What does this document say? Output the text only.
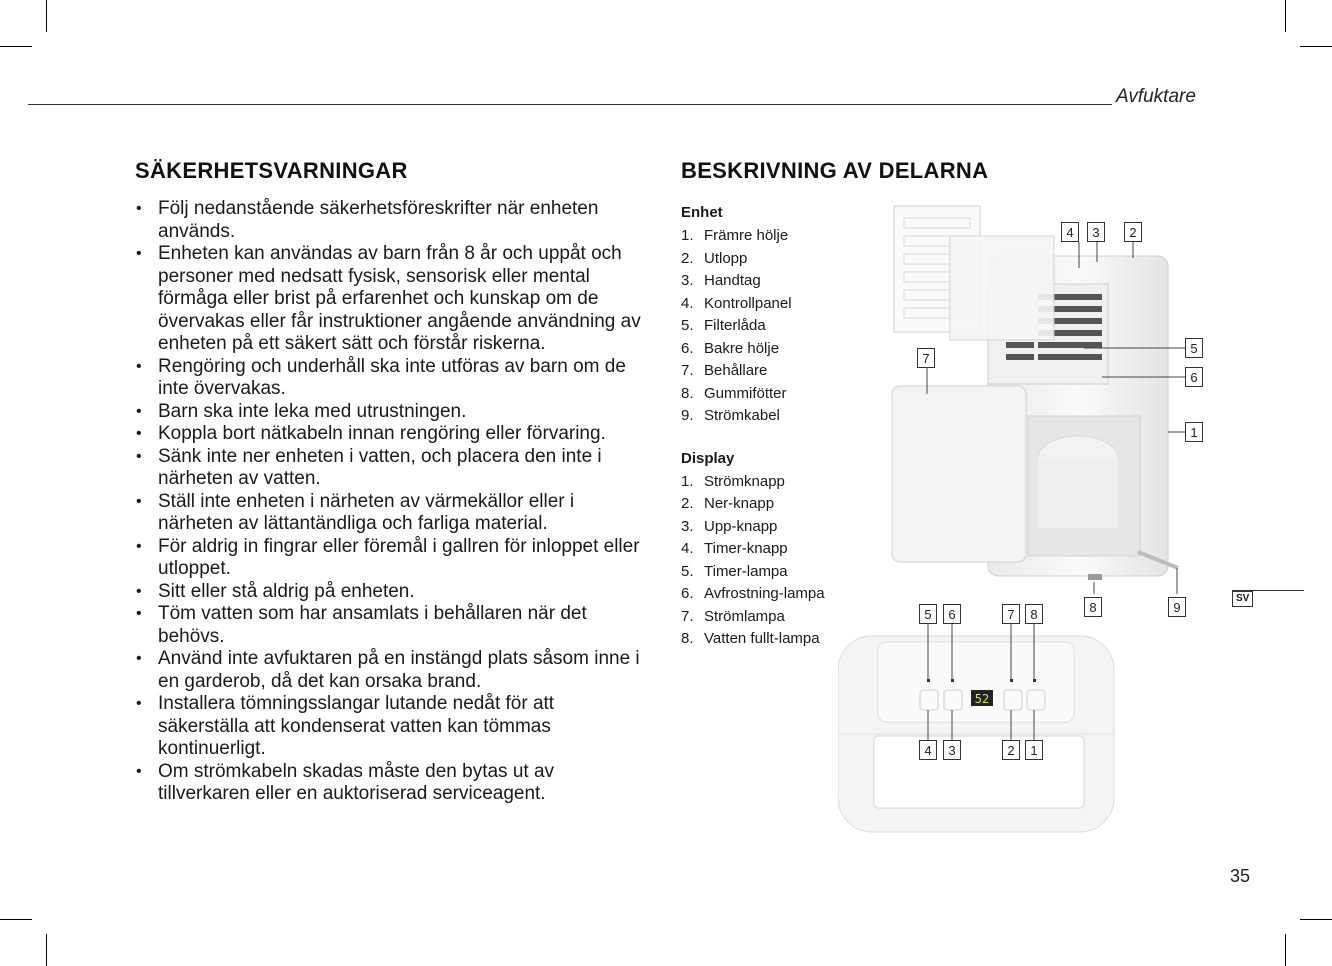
Avfuktare
SÄKERHETSVARNINGAR
• Följ nedanstående säkerhetsföreskrifter när enheten används.
• Enheten kan användas av barn från 8 år och uppåt och personer med nedsatt fysisk, sensorisk eller mental förmåga eller brist på erfarenhet och kunskap om de övervakas eller får instruktioner angående användning av enheten på ett säkert sätt och förstår riskerna.
• Rengöring och underhåll ska inte utföras av barn om de inte övervakas.
• Barn ska inte leka med utrustningen.
• Koppla bort nätkabeln innan rengöring eller förvaring.
• Sänk inte ner enheten i vatten, och placera den inte i närheten av vatten.
• Ställ inte enheten i närheten av värmekällor eller i närheten av lättantändliga och farliga material.
• För aldrig in fingrar eller föremål i gallren för inloppet eller utloppet.
• Sitt eller stå aldrig på enheten.
• Töm vatten som har ansamlats i behållaren när det behövs.
• Använd inte avfuktaren på en instängd plats såsom inne i en garderob, då det kan orsaka brand.
• Installera tömningsslangar lutande nedåt för att säkerställa att kondenserat vatten kan tömmas kontinuerligt.
• Om strömkabeln skadas måste den bytas ut av tillverkaren eller en auktoriserad serviceagent.
BESKRIVNING AV DELARNA
Enhet
1. Främre hölje
2. Utlopp
3. Handtag
4. Kontrollpanel
5. Filterlåda
6. Bakre hölje
7. Behållare
8. Gummifötter
9. Strömkabel
Display
1. Strömknapp
2. Ner-knapp
3. Upp-knapp
4. Timer-knapp
5. Timer-lampa
6. Avfrostning-lampa
7. Strömlampa
8. Vatten fullt-lampa
52
4	3	2
5
6
7
1
8	9
5	6	7	8
4	3	2	1
SV
35
